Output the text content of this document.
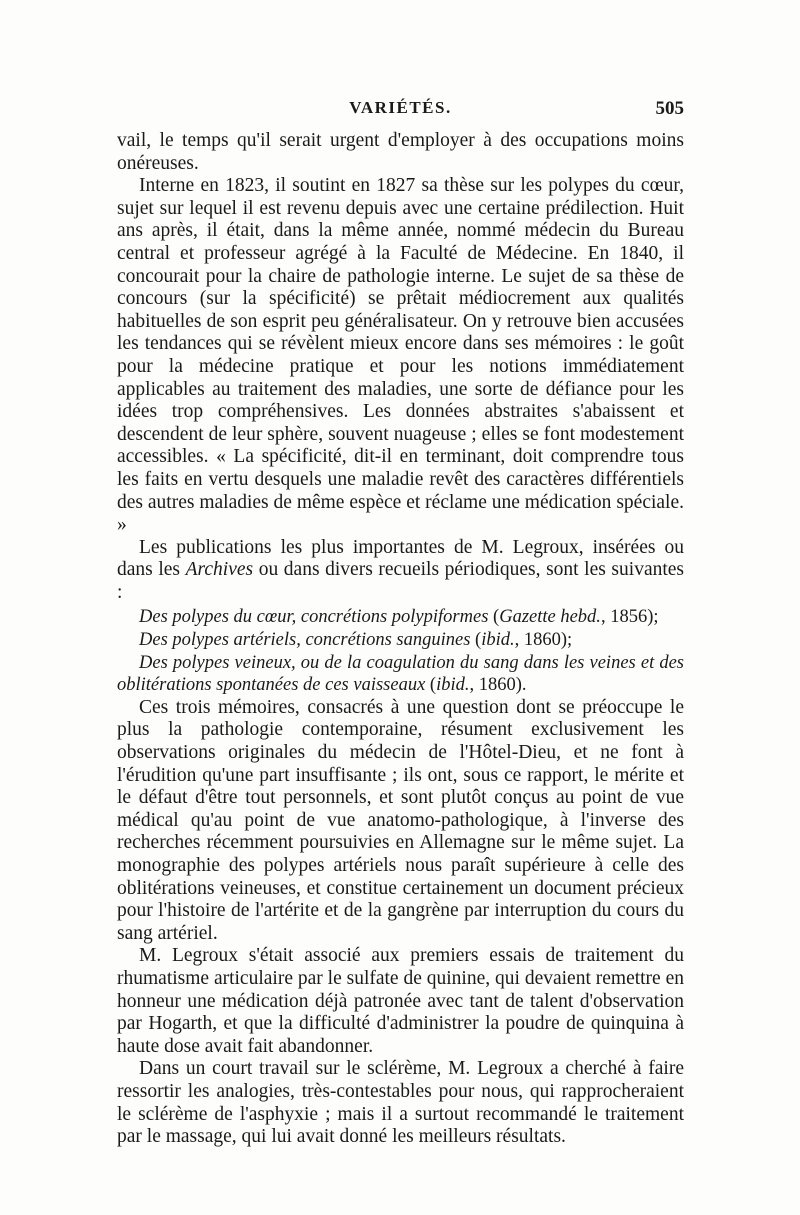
VARIÉTÉS.	505

vail, le temps qu'il serait urgent d'employer à des occupations moins onéreuses.

Interne en 1823, il soutint en 1827 sa thèse sur les polypes du cœur, sujet sur lequel il est revenu depuis avec une certaine prédilection. Huit ans après, il était, dans la même année, nommé médecin du Bureau central et professeur agrégé à la Faculté de Médecine. En 1840, il concourait pour la chaire de pathologie interne. Le sujet de sa thèse de concours (sur la spécificité) se prêtait médiocrement aux qualités habituelles de son esprit peu généralisateur. On y retrouve bien accusées les tendances qui se révèlent mieux encore dans ses mémoires : le goût pour la médecine pratique et pour les notions immédiatement applicables au traitement des maladies, une sorte de défiance pour les idées trop compréhensives. Les données abstraites s'abaissent et descendent de leur sphère, souvent nuageuse ; elles se font modestement accessibles. « La spécificité, dit-il en terminant, doit comprendre tous les faits en vertu desquels une maladie revêt des caractères différentiels des autres maladies de même espèce et réclame une médication spéciale. »

Les publications les plus importantes de M. Legroux, insérées ou dans les Archives ou dans divers recueils périodiques, sont les suivantes :

Des polypes du cœur, concrétions polypiformes (Gazette hebd., 1856);
Des polypes artériels, concrétions sanguines (ibid., 1860);
Des polypes veineux, ou de la coagulation du sang dans les veines et des oblitérations spontanées de ces vaisseaux (ibid., 1860).

Ces trois mémoires, consacrés à une question dont se préoccupe le plus la pathologie contemporaine, résument exclusivement les observations originales du médecin de l'Hôtel-Dieu, et ne font à l'érudition qu'une part insuffisante ; ils ont, sous ce rapport, le mérite et le défaut d'être tout personnels, et sont plutôt conçus au point de vue médical qu'au point de vue anatomo-pathologique, à l'inverse des recherches récemment poursuivies en Allemagne sur le même sujet. La monographie des polypes artériels nous paraît supérieure à celle des oblitérations veineuses, et constitue certainement un document précieux pour l'histoire de l'artérite et de la gangrène par interruption du cours du sang artériel.

M. Legroux s'était associé aux premiers essais de traitement du rhumatisme articulaire par le sulfate de quinine, qui devaient remettre en honneur une médication déjà patronée avec tant de talent d'observation par Hogarth, et que la difficulté d'administrer la poudre de quinquina à haute dose avait fait abandonner.

Dans un court travail sur le sclérème, M. Legroux a cherché à faire ressortir les analogies, très-contestables pour nous, qui rapprocheraient le sclérème de l'asphyxie ; mais il a surtout recommandé le traitement par le massage, qui lui avait donné les meilleurs résultats.
